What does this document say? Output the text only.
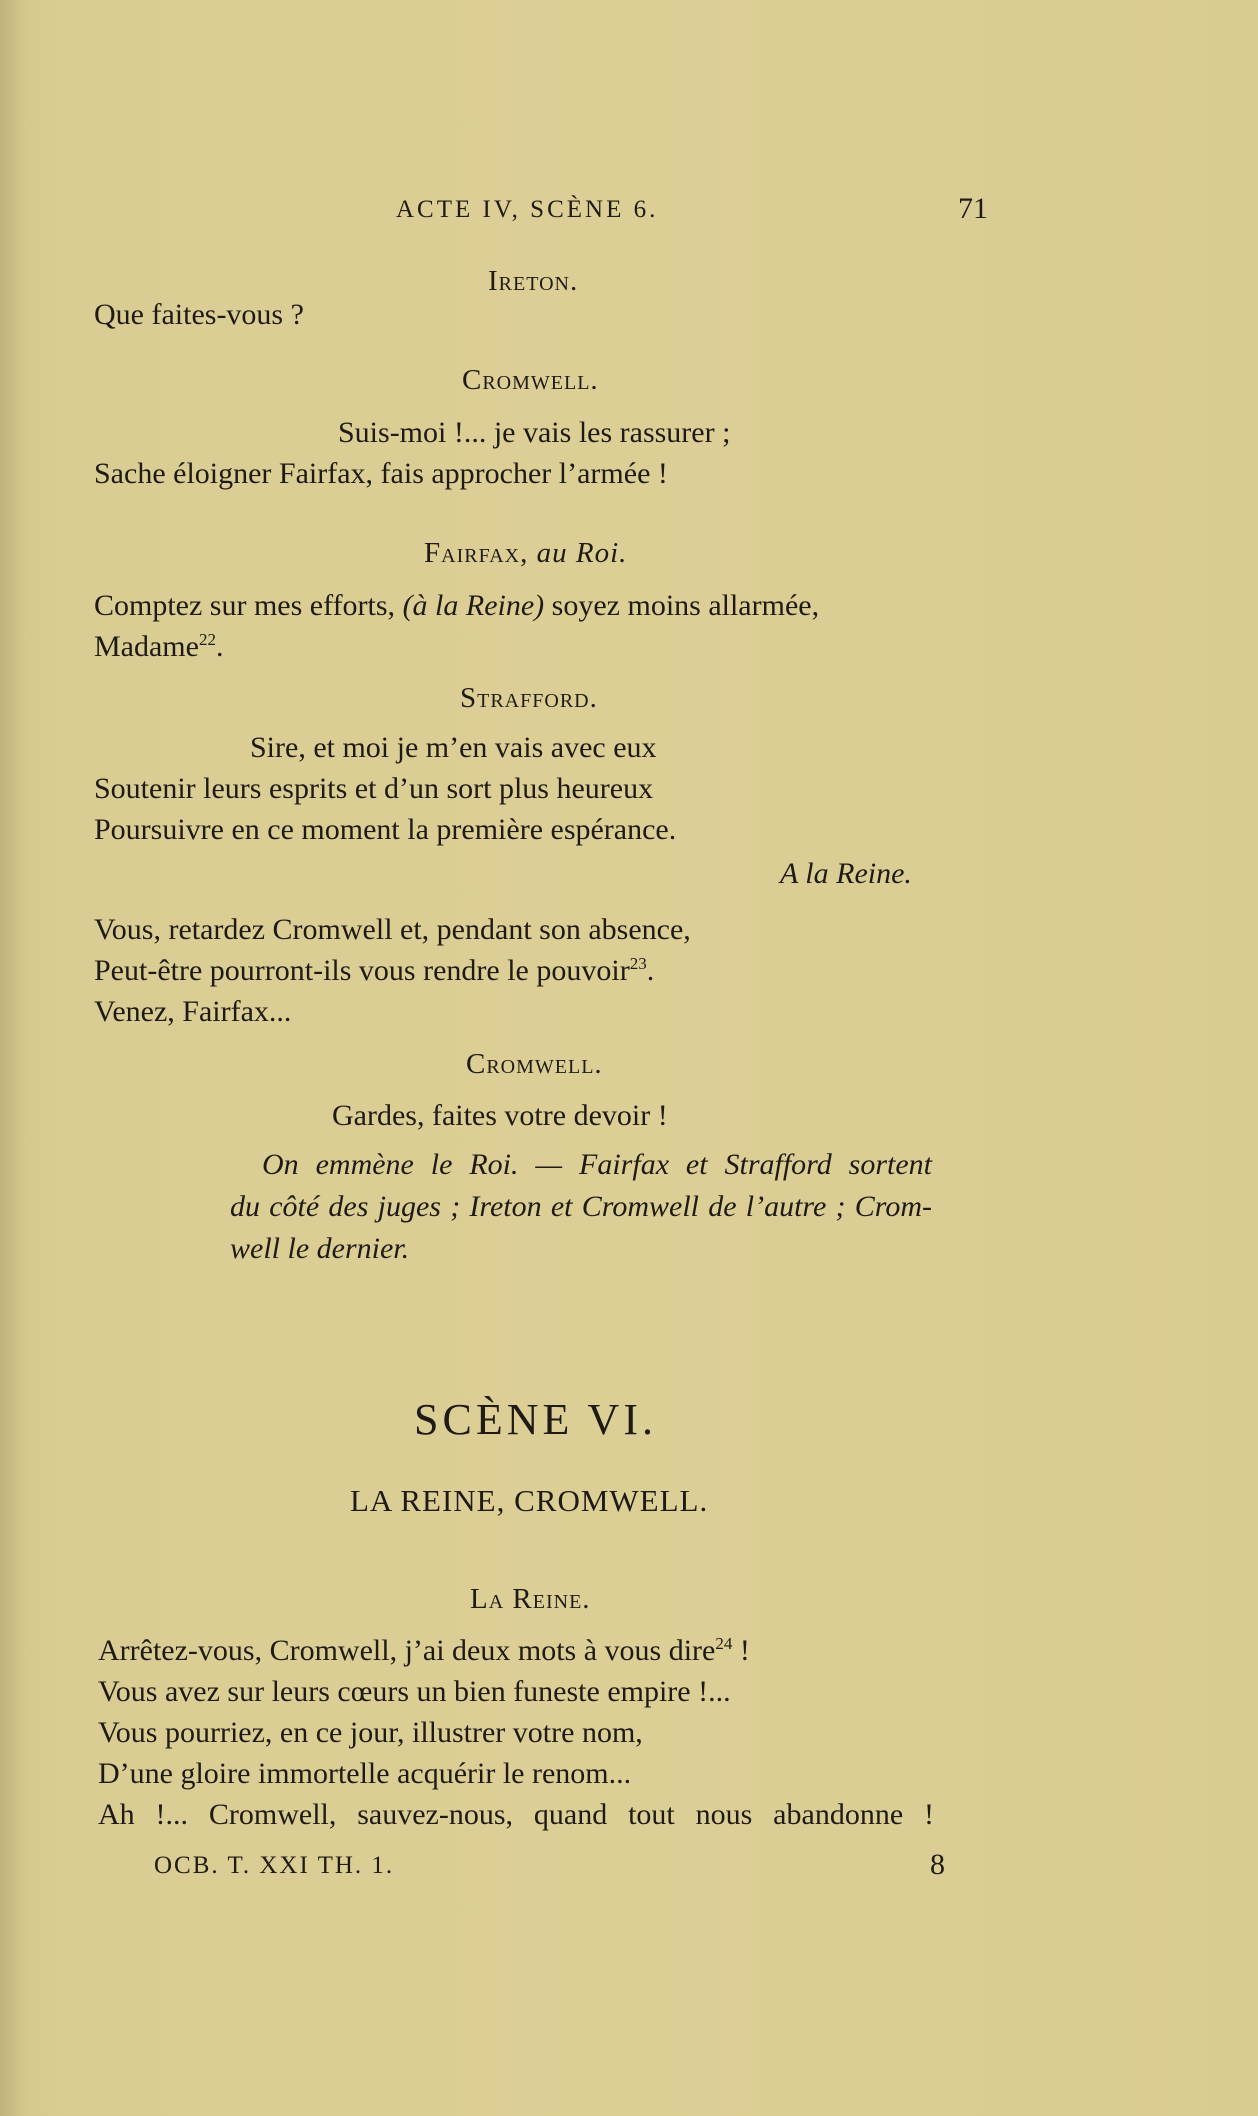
ACTE IV, SCÈNE 6.	71
Ireton.
Que faites-vous ?
Cromwell.
Suis-moi !... je vais les rassurer ;
Sache éloigner Fairfax, fais approcher l’armée !
Fairfax, au Roi.
Comptez sur mes efforts, (à la Reine) soyez moins allarmée,
Madame$^{22}$.
Strafford.
Sire, et moi je m’en vais avec eux
Soutenir leurs esprits et d’un sort plus heureux
Poursuivre en ce moment la première espérance.
A la Reine.
Vous, retardez Cromwell et, pendant son absence,
Peut-être pourront-ils vous rendre le pouvoir$^{23}$.
Venez, Fairfax...
Cromwell.
Gardes, faites votre devoir !
On emmène le Roi. — Fairfax et Strafford sortent
du côté des juges ; Ireton et Cromwell de l’autre ; Crom-
well le dernier.
SCÈNE VI.
LA REINE, CROMWELL.
La Reine.
Arrêtez-vous, Cromwell, j’ai deux mots à vous dire$^{24}$ !
Vous avez sur leurs cœurs un bien funeste empire !...
Vous pourriez, en ce jour, illustrer votre nom,
D’une gloire immortelle acquérir le renom...
Ah !... Cromwell, sauvez-nous, quand tout nous abandonne !
OCB. T. XXI TH. 1.	8
